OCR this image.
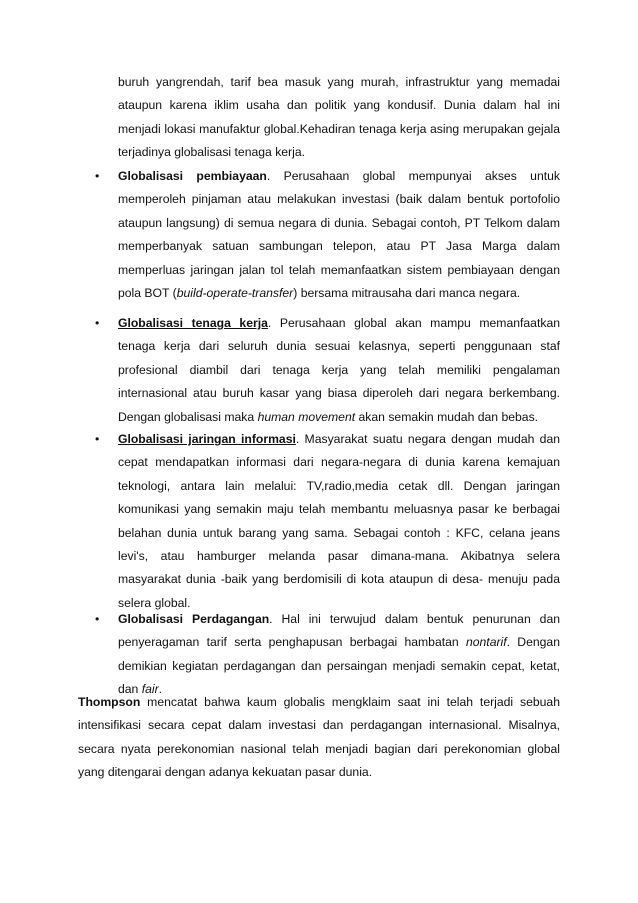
buruh yangrendah, tarif bea masuk yang murah, infrastruktur yang memadai ataupun karena iklim usaha dan politik yang kondusif. Dunia dalam hal ini menjadi lokasi manufaktur global.Kehadiran tenaga kerja asing merupakan gejala terjadinya globalisasi tenaga kerja.

•
Globalisasi pembiayaan. Perusahaan global mempunyai akses untuk memperoleh pinjaman atau melakukan investasi (baik dalam bentuk portofolio ataupun langsung) di semua negara di dunia. Sebagai contoh, PT Telkom dalam memperbanyak satuan sambungan telepon, atau PT Jasa Marga dalam memperluas jaringan jalan tol telah memanfaatkan sistem pembiayaan dengan pola BOT (build-operate-transfer) bersama mitrausaha dari manca negara.
•
Globalisasi tenaga kerja. Perusahaan global akan mampu memanfaatkan tenaga kerja dari seluruh dunia sesuai kelasnya, seperti penggunaan staf profesional diambil dari tenaga kerja yang telah memiliki pengalaman internasional atau buruh kasar yang biasa diperoleh dari negara berkembang. Dengan globalisasi maka human movement akan semakin mudah dan bebas.
•
Globalisasi jaringan informasi. Masyarakat suatu negara dengan mudah dan cepat mendapatkan informasi dari negara-negara di dunia karena kemajuan teknologi, antara lain melalui: TV,radio,media cetak dll. Dengan jaringan komunikasi yang semakin maju telah membantu meluasnya pasar ke berbagai belahan dunia untuk barang yang sama. Sebagai contoh : KFC, celana jeans levi's, atau hamburger melanda pasar dimana-mana. Akibatnya selera masyarakat dunia -baik yang berdomisili di kota ataupun di desa- menuju pada selera global.
•
Globalisasi Perdagangan. Hal ini terwujud dalam bentuk penurunan dan penyeragaman tarif serta penghapusan berbagai hambatan nontarif. Dengan demikian kegiatan perdagangan dan persaingan menjadi semakin cepat, ketat, dan fair.

Thompson mencatat bahwa kaum globalis mengklaim saat ini telah terjadi sebuah intensifikasi secara cepat dalam investasi dan perdagangan internasional. Misalnya, secara nyata perekonomian nasional telah menjadi bagian dari perekonomian global yang ditengarai dengan adanya kekuatan pasar dunia.
